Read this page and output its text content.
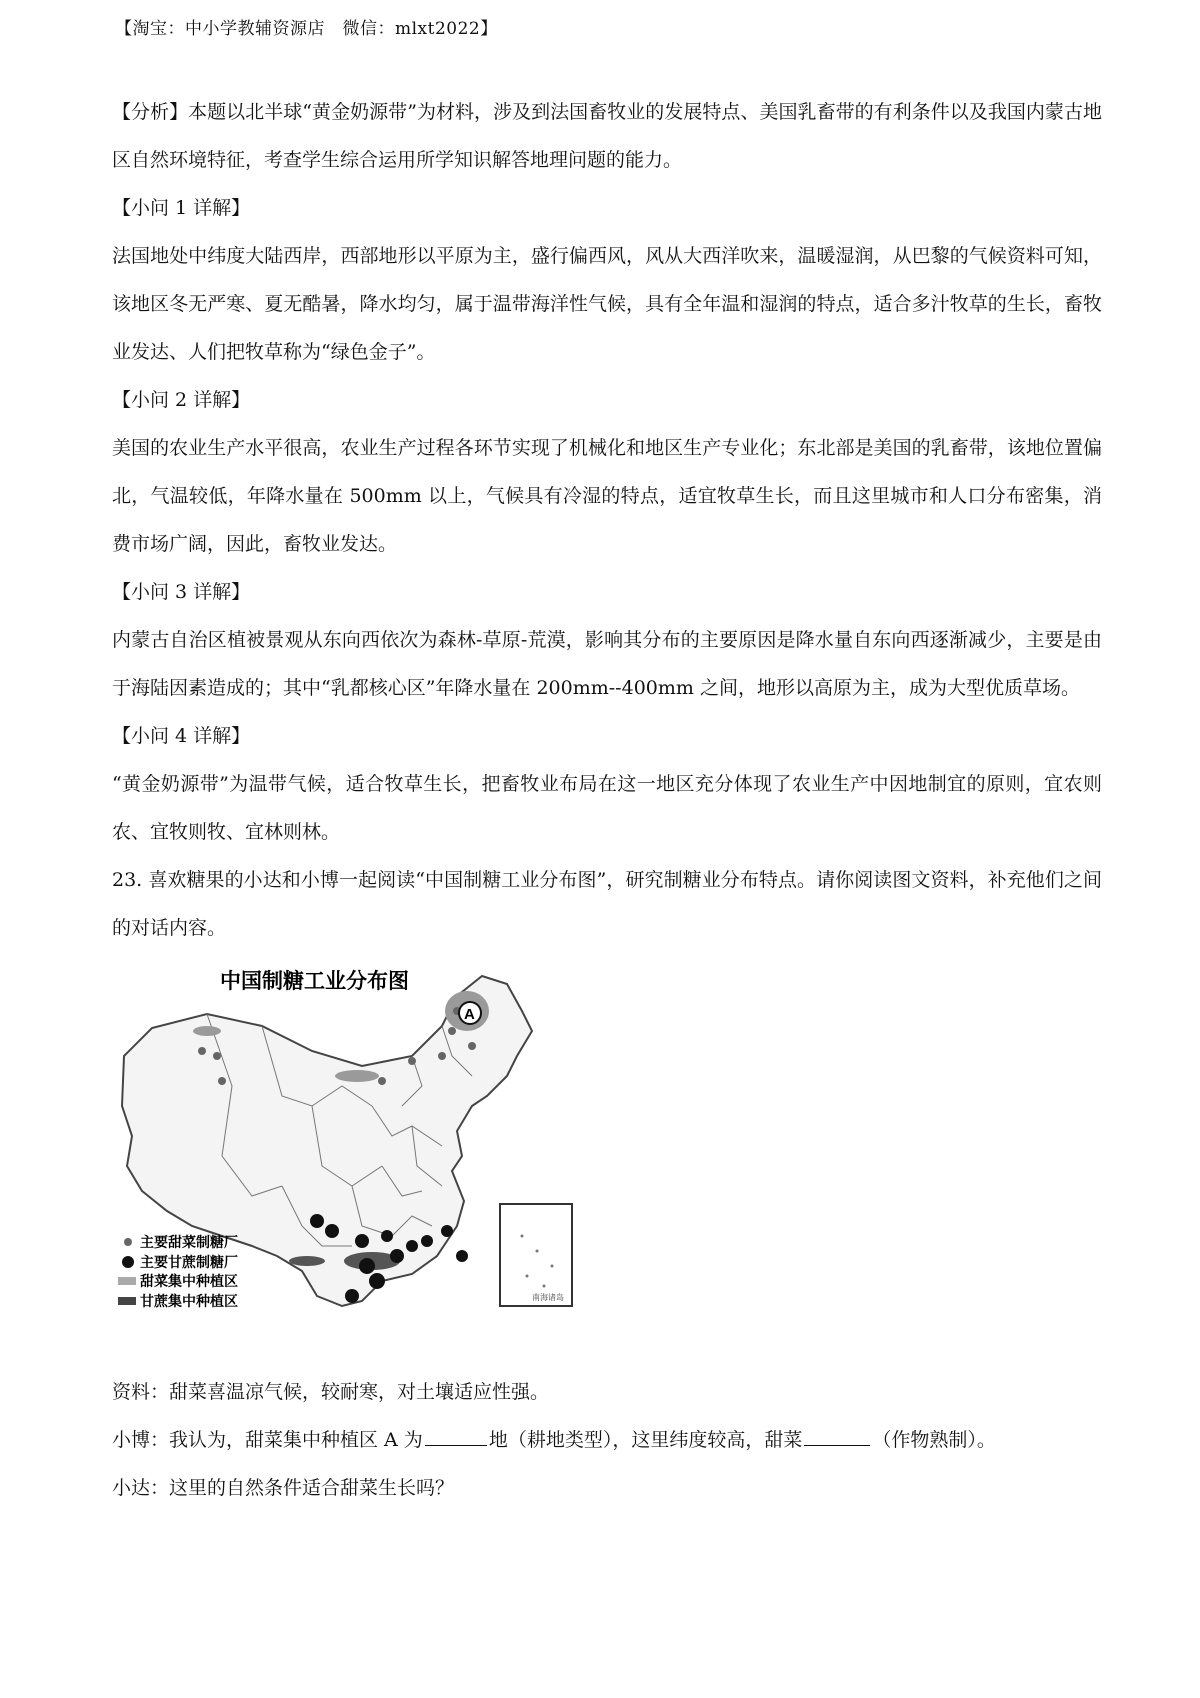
【淘宝：中小学教辅资源店　微信：mlxt2022】

【分析】本题以北半球“黄金奶源带”为材料，涉及到法国畜牧业的发展特点、美国乳畜带的有利条件以及我国内蒙古地区自然环境特征，考查学生综合运用所学知识解答地理问题的能力。

【小问 1 详解】

法国地处中纬度大陆西岸，西部地形以平原为主，盛行偏西风，风从大西洋吹来，温暖湿润，从巴黎的气候资料可知，该地区冬无严寒、夏无酷暑，降水均匀，属于温带海洋性气候，具有全年温和湿润的特点，适合多汁牧草的生长，畜牧业发达、人们把牧草称为“绿色金子”。

【小问 2 详解】

美国的农业生产水平很高，农业生产过程各环节实现了机械化和地区生产专业化；东北部是美国的乳畜带，该地位置偏北，气温较低，年降水量在 500mm 以上，气候具有冷湿的特点，适宜牧草生长，而且这里城市和人口分布密集，消费市场广阔，因此，畜牧业发达。

【小问 3 详解】

内蒙古自治区植被景观从东向西依次为森林-草原-荒漠，影响其分布的主要原因是降水量自东向西逐渐减少，主要是由于海陆因素造成的；其中“乳都核心区”年降水量在 200mm--400mm 之间，地形以高原为主，成为大型优质草场。

【小问 4 详解】

“黄金奶源带”为温带气候，适合牧草生长，把畜牧业布局在这一地区充分体现了农业生产中因地制宜的原则，宜农则农、宜牧则牧、宜林则林。

23. 喜欢糖果的小达和小博一起阅读“中国制糖工业分布图”，研究制糖业分布特点。请你阅读图文资料，补充他们之间的对话内容。

A
中国制糖工业分布图
南海诸岛
主要甜菜制糖厂
主要甘蔗制糖厂
甜菜集中种植区
甘蔗集中种植区

资料：甜菜喜温凉气候，较耐寒，对土壤适应性强。

小博：我认为，甜菜集中种植区 A 为	地（耕地类型），这里纬度较高，甜菜	（作物熟制）。

小达：这里的自然条件适合甜菜生长吗？
